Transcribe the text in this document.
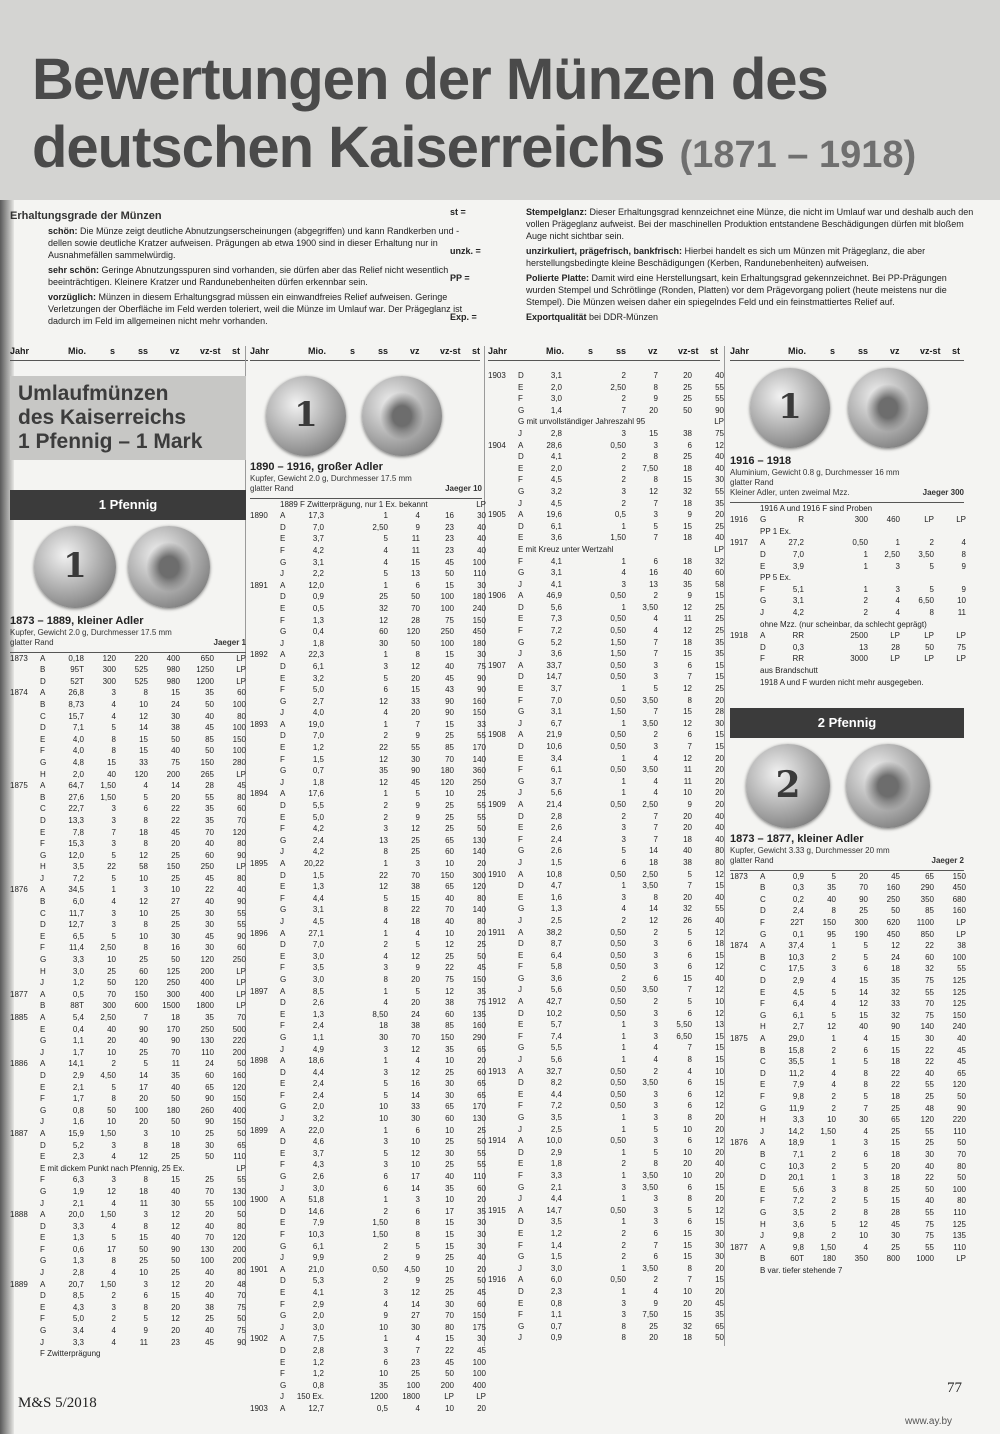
Bewertungen der Münzen des
deutschen Kaiserreichs (1871 – 1918)
Erhaltungsgrade der Münzen
schön: Die Münze zeigt deutliche Abnutzungserscheinungen (abgegriffen) und kann Randkerben und -dellen sowie deutliche Kratzer aufweisen. Prägungen ab etwa 1900 sind in dieser Erhaltung nur in Ausnahmefällen sammelwürdig.
sehr schön: Geringe Abnutzungsspuren sind vorhanden, sie dürfen aber das Relief nicht wesentlich beeinträchtigen. Kleinere Kratzer und Randunebenheiten dürfen erkennbar sein.
vorzüglich: Münzen in diesem Erhaltungsgrad müssen ein einwandfreies Relief aufweisen. Geringe Verletzungen der Oberfläche im Feld werden toleriert, weil die Münze im Umlauf war. Der Prägeglanz ist dadurch im Feld im allgemeinen nicht mehr vorhanden.
st =	Stempelglanz: Dieser Erhaltungsgrad kennzeichnet eine Münze, die nicht im Umlauf war und deshalb auch den vollen Prägeglanz aufweist. Bei der maschinellen Produktion entstandene Beschädigungen dürfen mit bloßem Auge nicht sichtbar sein.
unzk. =	unzirkuliert, prägefrisch, bankfrisch: Hierbei handelt es sich um Münzen mit Prägeglanz, die aber herstellungsbedingte kleine Beschädigungen (Kerben, Randunebenheiten) aufweisen.
PP =	Polierte Platte: Damit wird eine Herstellungsart, kein Erhaltungsgrad gekennzeichnet. Bei PP-Prägungen wurden Stempel und Schrötlinge (Ronden, Platten) vor dem Prägevorgang poliert (heute meistens nur die Stempel). Die Münzen weisen daher ein spiegelndes Feld und ein feinstmattiertes Relief auf.
Exp. =	Exportqualität bei DDR-Münzen
Jahr	Mio.	s	ss vz vz-st st Jahr	Mio.	s	ss vz vz-st st Jahr	Mio.	s	ss vz vz-st st Jahr	Mio.	s	ss vz vz-st st
Umlaufmünzen
des Kaiserreichs
1 Pfennig – 1 Mark
1 Pfennig
1
1873 – 1889, kleiner Adler
Kupfer, Gewicht 2.0 g, Durchmesser 17.5 mm
glatter Rand	Jaeger 1
1873 A	0,18	120	220	400	650	LP
B	95T	300	525	980	1250	LP
D	52T	300	525	980	1200	LP
1874 A	26,8	3	8	15	35	60
B	8,73	4	10	24	50	100
C	15,7	4	12	30	40	80
D	7,1	5	14	38	45	100
E	4,0	8	15	50	85	150
F	4,0	8	15	40	50	100
G	4,8	15	33	75	150	280
H	2,0	40	120	200	265	LP
1875 A	64,7	1,50	4	14	28	45
B	27,6	1,50	5	20	55	80
C	22,7	3	6	22	35	60
D	13,3	3	8	22	35	70
E	7,8	7	18	45	70	120
F	15,3	3	8	20	40	80
G	12,0	5	12	25	60	90
H	3,5	22	58	150	250	LP
J	7,2	5	10	25	45	80
1876 A	34,5	1	3	10	22	40
B	6,0	4	12	27	40	90
C	11,7	3	10	25	30	55
D	12,7	3	8	25	30	55
E	6,5	5	10	30	45	90
F	11,4	2,50	8	16	30	60
G	3,3	10	25	50	120	250
H	3,0	25	60	125	200	LP
J	1,2	50	120	250	400	LP
1877 A	0,5	70	150	300	400	LP
B	88T	300	600	1500	1800	LP
1885 A	5,4	2,50	7	18	35	70
E	0,4	40	90	170	250	500
G	1,1	20	40	90	130	220
J	1,7	10	25	70	110	200
1886 A	14,1	2	5	11	24	50
D	2,9	4,50	14	35	60	160
E	2,1	5	17	40	65	120
F	1,7	8	20	50	90	150
G	0,8	50	100	180	260	400
J	1,6	10	20	50	90	150
1887 A	15,9	1,50	3	10	25	50
D	5,2	3	8	18	30	65
E	2,3	4	12	25	50	110
E mit dickem Punkt nach Pfennig, 25 Ex.	LP
F	6,3	3	8	15	25	55
G	1,9	12	18	40	70	130
J	2,1	4	11	30	55	100
1888 A	20,0	1,50	3	12	20	50
D	3,3	4	8	12	40	80
E	1,3	5	15	40	70	120
F	0,6	17	50	90	130	200
G	1,3	8	25	50	100	200
J	2,8	4	10	25	40	80
1889 A	20,7	1,50	3	12	20	48
D	8,5	2	6	15	40	70
E	4,3	3	8	20	38	75
F	5,0	2	5	12	25	50
G	3,4	4	9	20	40	75
J	3,3	4	11	23	45	90
F Zwitterprägung
1
1890 – 1916, großer Adler
Kupfer, Gewicht 2.0 g, Durchmesser 17.5 mm
glatter Rand	Jaeger 10
1889 F Zwitterprägung, nur 1 Ex. bekannt	LP
1890 A	17,3	1	4	16	30
D	7,0	2,50	9	23	40
E	3,7	5	11	23	40
F	4,2	4	11	23	40
G	3,1	4	15	45	100
J	2,2	5	13	50	110
1891 A	12,0	1	6	15	30
D	0,9	25	50	100	180
E	0,5	32	70	100	240
F	1,3	12	28	75	150
G	0,4	60	120	250	450
J	1,8	30	50	100	180
1892 A	22,3	1	8	15	30
D	6,1	3	12	40	75
E	3,2	5	20	45	90
F	5,0	6	15	43	90
G	2,7	12	33	90	160
J	4,0	4	20	90	150
1893 A	19,0	1	7	15	33
D	7,0	2	9	25	55
E	1,2	22	55	85	170
F	1,5	12	30	70	140
G	0,7	35	90	180	360
J	1,8	12	45	120	250
1894 A	17,6	1	5	10	25
D	5,5	2	9	25	55
E	5,0	2	9	25	55
F	4,2	3	12	25	50
G	2,4	13	25	65	130
J	4,2	8	25	60	140
1895 A	20,22	1	3	10	20
D	1,5	22	70	150	300
E	1,3	12	38	65	120
F	4,4	5	15	40	80
G	3,1	8	22	70	140
J	4,5	4	18	40	80
1896 A	27,1	1	4	10	20
D	7,0	2	5	12	25
E	3,0	4	12	25	50
F	3,5	3	9	22	45
G	3,0	8	20	75	150
1897 A	8,5	1	5	12	35
D	2,6	4	20	38	75
E	1,3	8,50	24	60	135
F	2,4	18	38	85	160
G	1,1	30	70	150	290
J	4,9	3	12	35	65
1898 A	18,6	1	4	10	20
D	4,4	3	12	25	60
E	2,4	5	16	30	65
F	2,4	5	14	30	65
G	2,0	10	33	65	170
J	3,2	10	30	60	130
1899 A	22,0	1	6	10	25
D	4,6	3	10	25	50
E	3,7	5	12	30	55
F	4,3	3	10	25	55
G	2,6	6	17	40	110
J	3,0	6	14	35	60
1900 A	51,8	1	3	10	20
D	14,6	2	6	17	35
E	7,9	1,50	8	15	30
F	10,3	1,50	8	15	30
G	6,1	2	5	15	30
J	9,9	2	9	25	40
1901 A	21,0	0,50	4,50	10	20
D	5,3	2	9	25	50
E	4,1	3	12	25	45
F	2,9	4	14	30	60
G	2,0	9	27	70	150
J	3,0	10	30	80	175
1902 A	7,5	1	4	15	30
D	2,8	3	7	22	45
E	1,2	6	23	45	100
F	1,2	10	25	50	100
G	0,8	35	100	200	400
J	150 Ex.	1200	1800	LP	LP
1903 A	12,7	0,5	4	10	20
1903 D	3,1	2	7	20	40
E	2,0	2,50	8	25	55
F	3,0	2	9	25	55
G	1,4	7	20	50	90
G mit unvollständiger Jahreszahl 95	LP
J	2,8	3	15	38	75
1904 A	28,6	0,50	3	6	12
D	4,1	2	8	25	40
E	2,0	2	7,50	18	40
F	4,5	2	8	15	30
G	3,2	3	12	32	55
J	4,5	2	7	18	35
1905 A	19,6	0,5	3	9	20
D	6,1	1	5	15	25
E	3,6	1,50	7	18	40
E mit Kreuz unter Wertzahl	LP
F	4,1	1	6	18	32
G	3,1	4	16	40	60
J	4,1	3	13	35	58
1906 A	46,9	0,50	2	9	15
D	5,6	1	3,50	12	25
E	7,3	0,50	4	11	25
F	7,2	0,50	4	12	25
G	5,2	1,50	7	18	35
J	3,6	1,50	7	15	35
1907 A	33,7	0,50	3	6	15
D	14,7	0,50	3	7	15
E	3,7	1	5	12	25
F	7,0	0,50	3,50	8	20
G	3,1	1,50	7	15	28
J	6,7	1	3,50	12	30
1908 A	21,9	0,50	2	6	15
D	10,6	0,50	3	7	15
E	3,4	1	4	12	20
F	6,1	0,50	3,50	11	20
G	3,7	1	4	11	20
J	5,6	1	4	10	20
1909 A	21,4	0,50	2,50	9	20
D	2,8	2	7	20	40
E	2,6	3	7	20	40
F	2,4	3	7	18	40
G	2,6	5	14	40	80
J	1,5	6	18	38	80
1910 A	10,8	0,50	2,50	5	12
D	4,7	1	3,50	7	15
E	1,6	3	8	20	40
G	1,3	4	14	32	55
J	2,5	2	12	26	40
1911 A	38,2	0,50	2	5	12
D	8,7	0,50	3	6	18
E	6,4	0,50	3	6	15
F	5,8	0,50	3	6	12
G	3,6	2	6	15	40
J	5,6	0,50	3,50	7	12
1912 A	42,7	0,50	2	5	10
D	10,2	0,50	3	6	12
E	5,7	1	3	5,50	13
F	7,4	1	3	6,50	15
G	5,5	1	4	7	15
J	5,6	1	4	8	15
1913 A	32,7	0,50	2	4	10
D	8,2	0,50	3,50	6	15
E	4,4	0,50	3	6	12
F	7,2	0,50	3	6	12
G	3,5	1	3	8	20
J	2,5	1	5	10	20
1914 A	10,0	0,50	3	6	12
D	2,9	1	5	10	20
E	1,8	2	8	20	40
F	3,3	1	3,50	10	20
G	2,1	3	3,50	6	15
J	4,4	1	3	8	20
1915 A	14,7	0,50	3	5	12
D	3,5	1	3	6	15
E	1,2	2	6	15	30
F	1,4	2	7	15	30
G	1,5	2	6	15	30
J	3,0	1	3,50	8	20
1916 A	6,0	0,50	2	7	15
D	2,3	1	4	10	20
E	0,8	3	9	20	45
F	1,1	3	7,50	15	35
G	0,7	8	25	32	65
J	0,9	8	20	18	50
1
1916 – 1918
Aluminium, Gewicht 0.8 g, Durchmesser 16 mm
glatter Rand
Kleiner Adler, unten zweimal Mzz.	Jaeger 300
1916 A und 1916 F sind Proben
1916 G	R	300	460	LP	LP
PP 1 Ex.
1917 A	27,2	0,50	1	2	4
D	7,0	1	2,50	3,50	8
E	3,9	1	3	5	9
PP 5 Ex.
F	5,1	1	3	5	9
G	3,1	2	4	6,50	10
J	4,2	2	4	8	11
ohne Mzz. (nur scheinbar, da schlecht geprägt)
1918 A	RR	2500	LP	LP	LP
D	0,3	13	28	50	75
F	RR	3000	LP	LP	LP
aus Brandschutt
1918 A und F wurden nicht mehr ausgegeben.
2 Pfennig
2
1873 – 1877, kleiner Adler
Kupfer, Gewicht 3.33 g, Durchmesser 20 mm
glatter Rand	Jaeger 2
1873 A	0,9	5	20	45	65	150
B	0,3	35	70	160	290	450
C	0,2	40	90	250	350	680
D	2,4	8	25	50	85	160
F	22T	150	300	620	1100	LP
G	0,1	95	190	450	850	LP
1874 A	37,4	1	5	12	22	38
B	10,3	2	5	24	60	100
C	17,5	3	6	18	32	55
D	2,9	4	15	35	75	125
E	4,5	5	14	32	55	125
F	6,4	4	12	33	70	125
G	6,1	5	15	32	75	150
H	2,7	12	40	90	140	240
1875 A	29,0	1	4	15	30	40
B	15,8	2	6	15	22	45
C	35,5	1	5	18	22	45
D	11,2	4	8	22	40	65
E	7,9	4	8	22	55	120
F	9,8	2	5	18	25	50
G	11,9	2	7	25	48	90
H	3,3	10	30	65	120	220
J	14,2	1,50	4	25	55	110
1876 A	18,9	1	3	15	25	50
B	7,1	2	6	18	30	70
C	10,3	2	5	20	40	80
D	20,1	1	3	18	22	50
E	5,6	3	8	25	50	100
F	7,2	2	5	15	40	80
G	3,5	2	8	28	55	110
H	3,6	5	12	45	75	125
J	9,8	2	10	30	75	135
1877 A	9,8	1,50	4	25	55	110
B	60T	180	350	800	1000	LP
B var. tiefer stehende 7
M&S 5/2018
77
www.ay.by
